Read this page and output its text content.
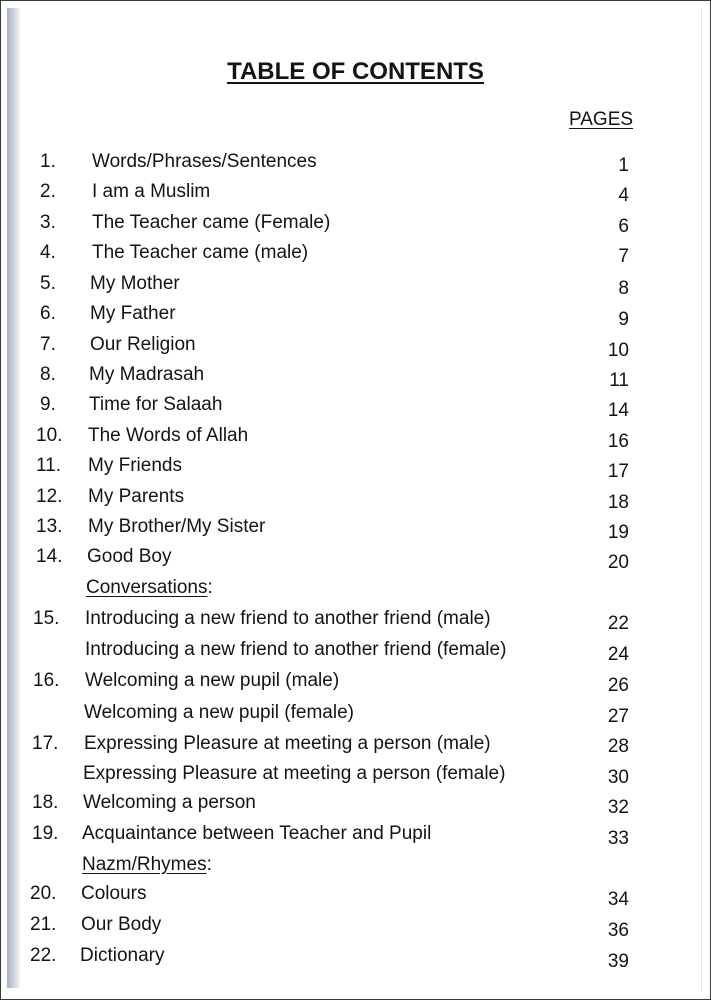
TABLE OF CONTENTS
PAGES
1. Words/Phrases/Sentences	1
2. I am a Muslim	4
3. The Teacher came (Female)	6
4. The Teacher came (male)	7
5. My Mother	8
6. My Father	9
7. Our Religion	10
8. My Madrasah	11
9. Time for Salaah	14
10. The Words of Allah	16
11. My Friends	17
12. My Parents	18
13. My Brother/My Sister	19
14. Good Boy	20
Conversations:
15. Introducing a new friend to another friend (male)	22
Introducing a new friend to another friend (female)	24
16. Welcoming a new pupil (male)	26
Welcoming a new pupil (female)	27
17. Expressing Pleasure at meeting a person (male)	28
Expressing Pleasure at meeting a person (female)	30
18. Welcoming a person	32
19. Acquaintance between Teacher and Pupil	33
Nazm/Rhymes:
20. Colours	34
21. Our Body	36
22. Dictionary	39
